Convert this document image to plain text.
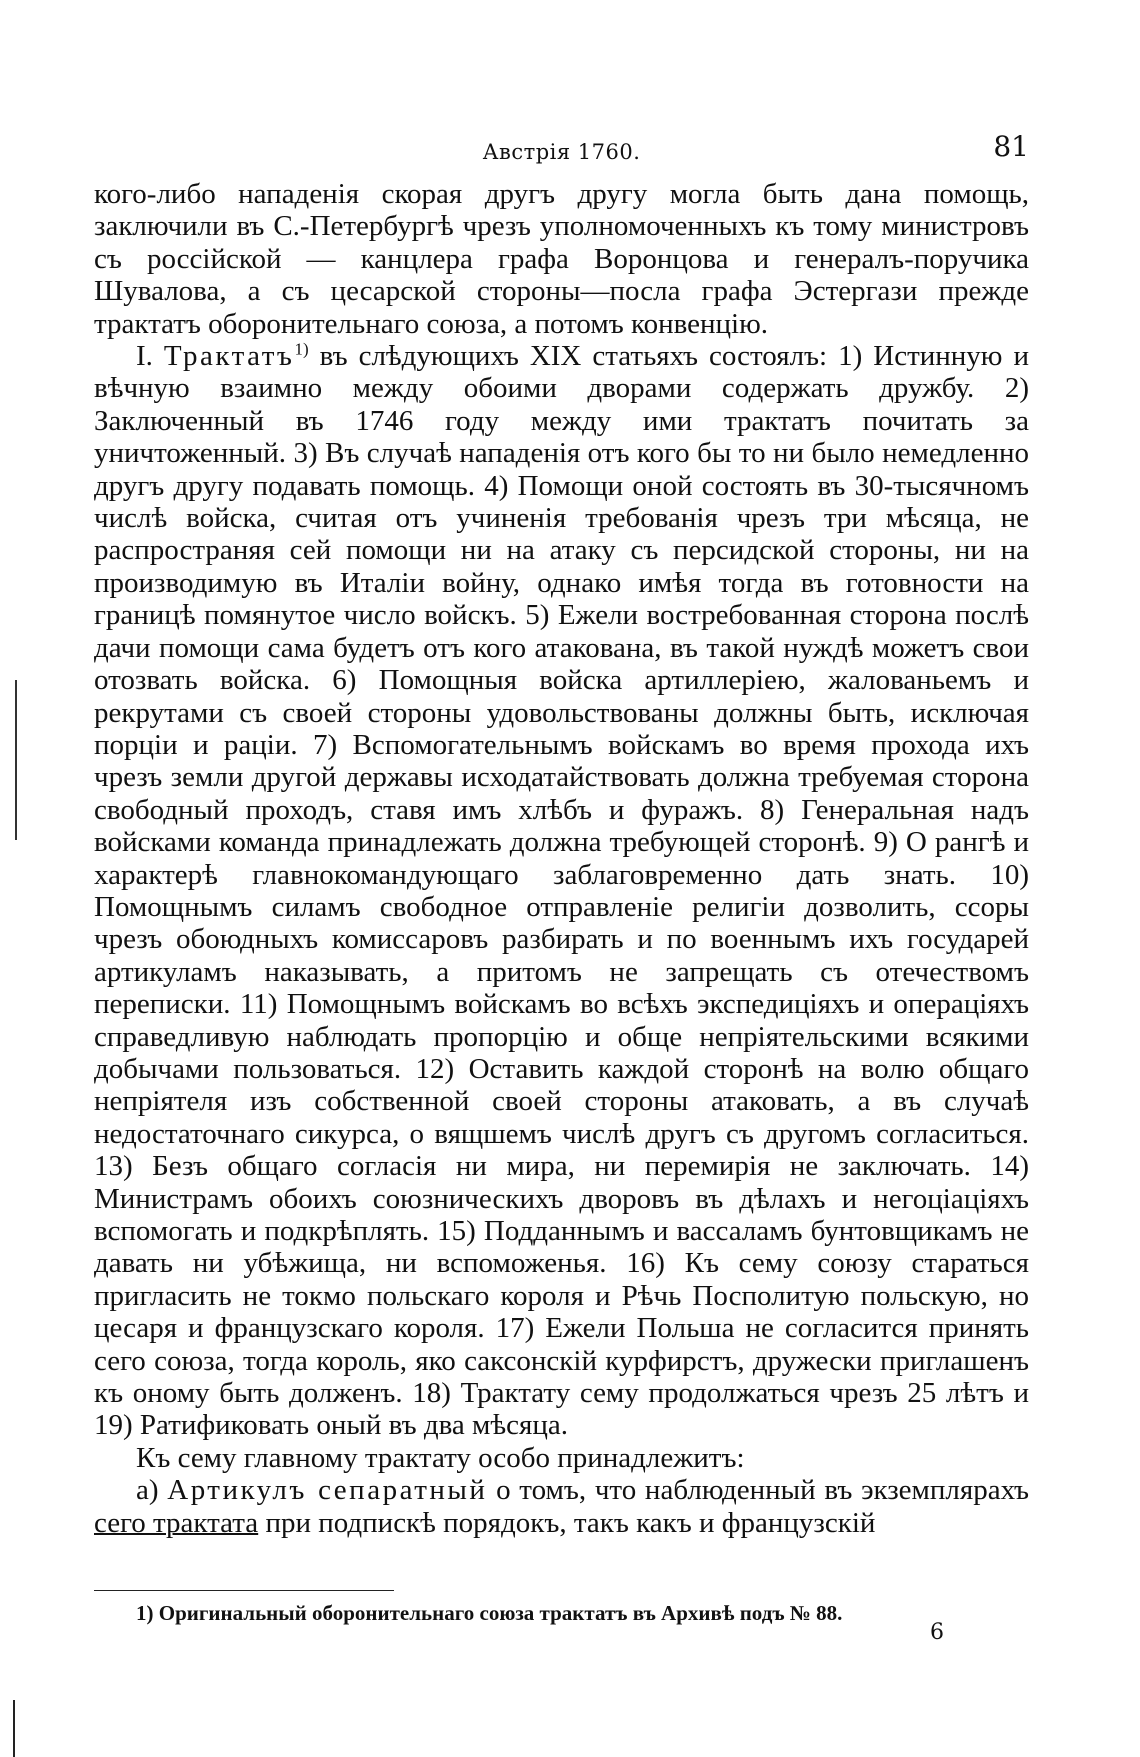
Австрія 1760.	81

кого-либо нападенія скорая другъ другу могла быть дана помощь, заключили въ С.-Петербургѣ чрезъ уполномоченныхъ къ тому министровъ съ россійской — канцлера графа Воронцова и генералъ-поручика Шувалова, а съ цесарской стороны—посла графа Эстергази прежде трактатъ оборонительнаго союза, а потомъ конвенцію.

I. Трактатъ$^{1)}$ въ слѣдующихъ XIX статьяхъ состоялъ: 1) Истинную и вѣчную взаимно между обоими дворами содержать дружбу. 2) Заключенный въ 1746 году между ими трактатъ почитать за уничтоженный. 3) Въ случаѣ нападенія отъ кого бы то ни было немедленно другъ другу подавать помощь. 4) Помощи оной состоять въ 30-тысячномъ числѣ войска, считая отъ учиненія требованія чрезъ три мѣсяца, не распространяя сей помощи ни на атаку съ персидской стороны, ни на производимую въ Италіи войну, однако имѣя тогда въ готовности на границѣ помянутое число войскъ. 5) Ежели востребованная сторона послѣ дачи помощи сама будетъ отъ кого атакована, въ такой нуждѣ можетъ свои отозвать войска. 6) Помощныя войска артиллеріею, жалованьемъ и рекрутами съ своей стороны удовольствованы должны быть, исключая порціи и раціи. 7) Вспомогательнымъ войскамъ во время прохода ихъ чрезъ земли другой державы исходатайствовать должна требуемая сторона свободный проходъ, ставя имъ хлѣбъ и фуражъ. 8) Генеральная надъ войсками команда принадлежать должна требующей сторонѣ. 9) О рангѣ и характерѣ главнокомандующаго заблаговременно дать знать. 10) Помощнымъ силамъ свободное отправленіе религіи дозволить, ссоры чрезъ обоюдныхъ комиссаровъ разбирать и по военнымъ ихъ государей артикуламъ наказывать, а притомъ не запрещать съ отечествомъ переписки. 11) Помощнымъ войскамъ во всѣхъ экспедиціяхъ и операціяхъ справедливую наблюдать пропорцію и обще непріятельскими всякими добычами пользоваться. 12) Оставить каждой сторонѣ на волю общаго непріятеля изъ собственной своей стороны атаковать, а въ случаѣ недостаточнаго сикурса, о вящшемъ числѣ другъ съ другомъ согласиться. 13) Безъ общаго согласія ни мира, ни перемирія не заключать. 14) Министрамъ обоихъ союзническихъ дворовъ въ дѣлахъ и негоціаціяхъ вспомогать и подкрѣплять. 15) Подданнымъ и вассаламъ бунтовщикамъ не давать ни убѣжища, ни вспоможенья. 16) Къ сему союзу стараться пригласить не токмо польскаго короля и Рѣчь Посполитую польскую, но цесаря и французскаго короля. 17) Ежели Польша не согласится принять сего союза, тогда король, яко саксонскій курфирстъ, дружески приглашенъ къ оному быть долженъ. 18) Трактату сему продолжаться чрезъ 25 лѣтъ и 19) Ратификовать оный въ два мѣсяца.

Къ сему главному трактату особо принадлежитъ:

a) Артикулъ сепаратный о томъ, что наблюденный въ экземплярахъ сего трактата при подпискѣ порядокъ, такъ какъ и французскій

1) Оригинальный оборонительнаго союза трактатъ въ Архивѣ подъ № 88.
6
